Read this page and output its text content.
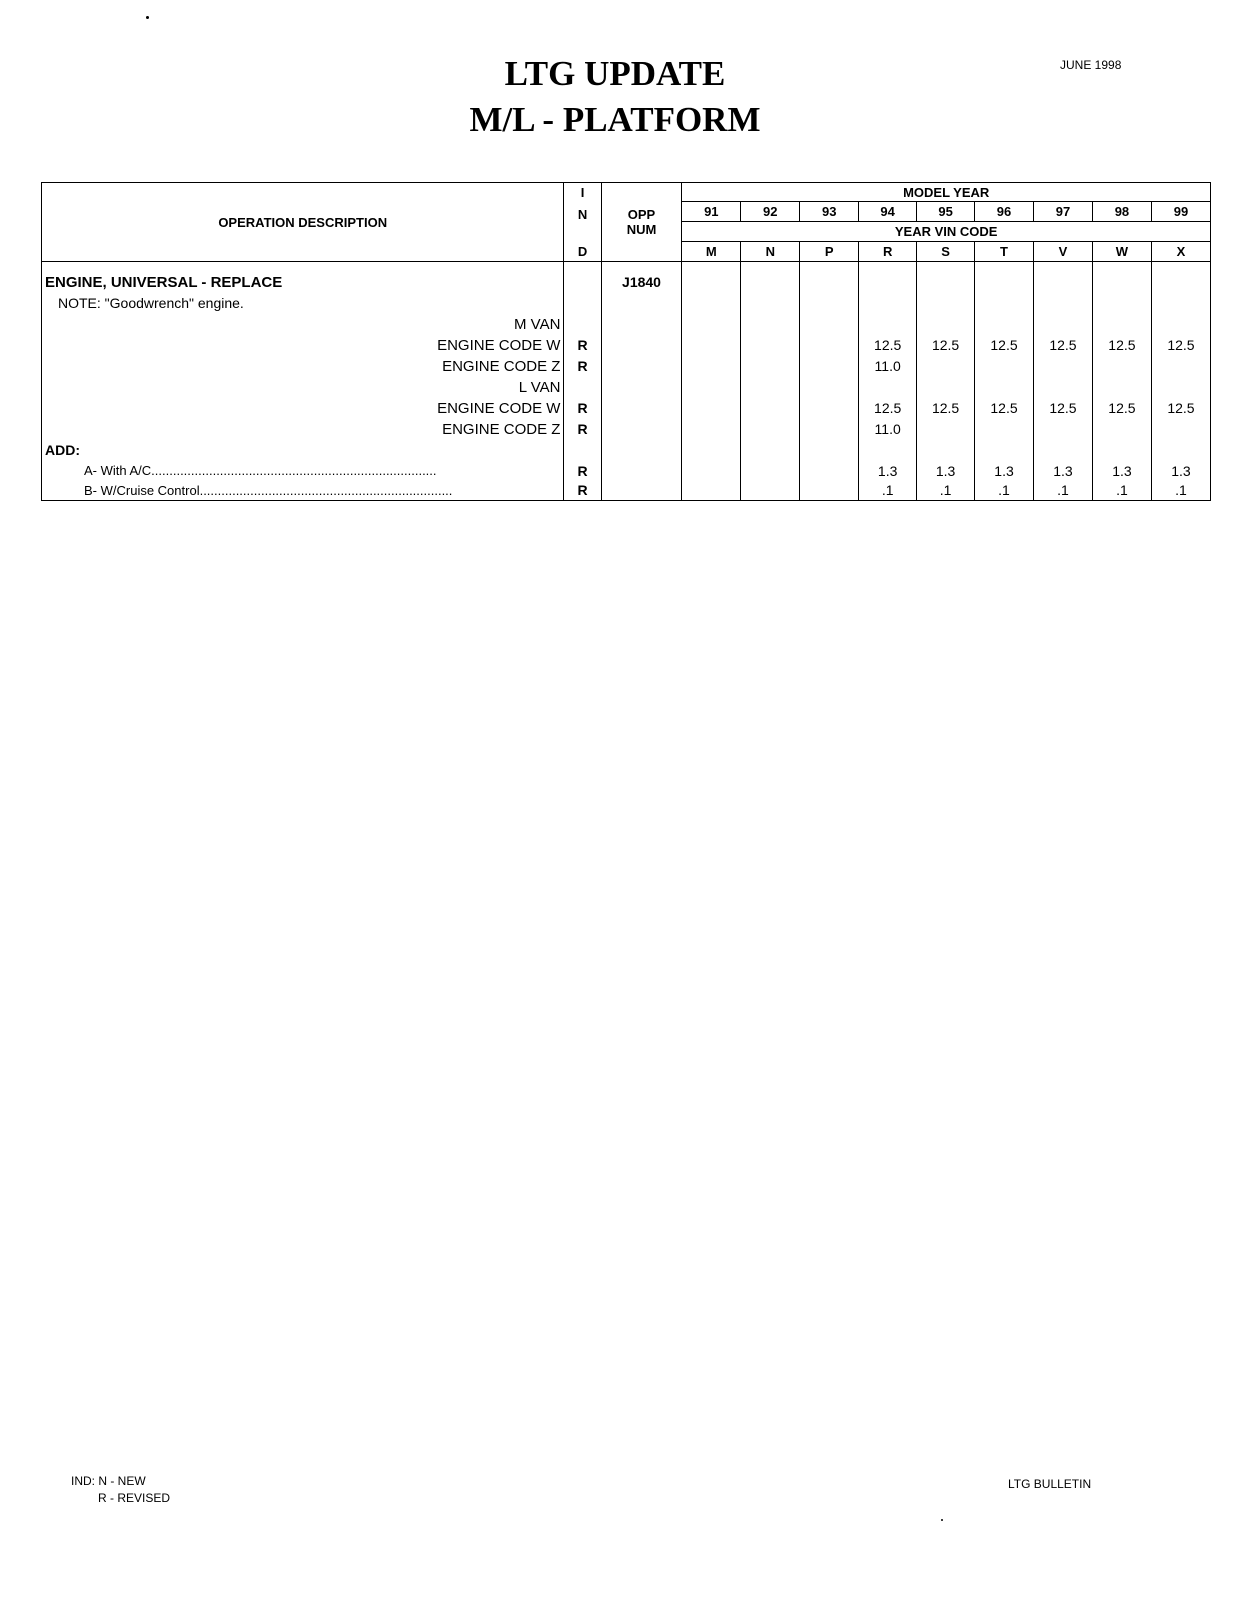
LTG UPDATE
M/L - PLATFORM
JUNE 1998
OPERATION DESCRIPTION	I	OPP	MODEL YEAR								
	N		91	92	93	94	95	96	97	98	99
		NUM	YEAR VIN CODE								
	D		M	N	P	R	S	T	V	W	X

ENGINE, UNIVERSAL - REPLACE		J1840									
NOTE: "Goodwrench" engine.											
M VAN											
ENGINE CODE W	R					12.5	12.5	12.5	12.5	12.5	12.5
ENGINE CODE Z	R					11.0					
L VAN											
ENGINE CODE W	R					12.5	12.5	12.5	12.5	12.5	12.5
ENGINE CODE Z	R					11.0					
ADD:											
A- With A/C...............................................................................	R					1.3	1.3	1.3	1.3	1.3	1.3
B- W/Cruise Control......................................................................	R					.1	.1	.1	.1	.1	.1
IND: N - NEW
R - REVISED
LTG BULLETIN
